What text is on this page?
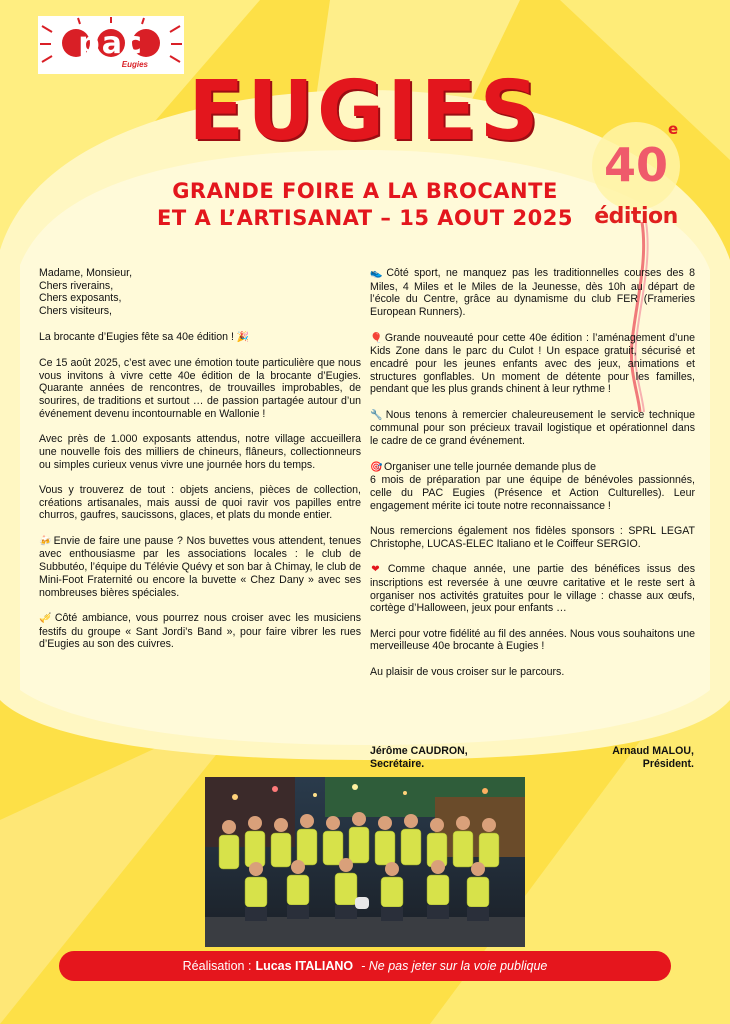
pac
Eugies EUGIES
GRANDE FOIRE A LA BROCANTE
ET A L’ARTISANAT – 15 AOUT 2025
40
e
édition

Madame, Monsieur,
Chers riverains,
Chers exposants,
Chers visiteurs,

La brocante d’Eugies fête sa 40e édition ! 🎉

Ce 15 août 2025, c’est avec une émotion toute particulière que nous vous invitons à vivre cette 40e édition de la brocante d’Eugies. Quarante années de rencontres, de trouvailles improbables, de sourires, de traditions et surtout … de passion partagée autour d’un événement devenu incontournable en Wallonie !

Avec près de 1.000 exposants attendus, notre village accueillera une nouvelle fois des milliers de chineurs, flâneurs, collectionneurs ou simples curieux venus vivre une journée hors du temps.

Vous y trouverez de tout : objets anciens, pièces de collection, créations artisanales, mais aussi de quoi ravir vos papilles entre churros, gaufres, saucissons, glaces, et plats du monde entier.

🍻 Envie de faire une pause ? Nos buvettes vous attendent, tenues avec enthousiasme par les associations locales : le club de Subbutéo, l’équipe du Télévie Quévy et son bar à Chimay, le club de Mini-Foot Fraternité ou encore la buvette « Chez Dany » avec ses nombreuses bières spéciales.

🎺 Côté ambiance, vous pourrez nous croiser avec les musiciens festifs du groupe « Sant Jordi’s Band », pour faire vibrer les rues d’Eugies au son des cuivres.

👟 Côté sport, ne manquez pas les traditionnelles courses des 8 Miles, 4 Miles et le Miles de la Jeunesse, dès 10h au départ de l’école du Centre, grâce au dynamisme du club FER (Frameries European Runners).

🎈 Grande nouveauté pour cette 40e édition : l’aménagement d’une Kids Zone dans le parc du Culot ! Un espace gratuit, sécurisé et encadré pour les jeunes enfants avec des jeux, animations et structures gonflables. Un moment de détente pour les familles, pendant que les plus grands chinent à leur rythme !

🔧 Nous tenons à remercier chaleureusement le service technique communal pour son précieux travail logistique et opérationnel dans le cadre de ce grand événement.

🎯 Organiser une telle journée demande plus de

6 mois de préparation par une équipe de bénévoles passionnés, celle du PAC Eugies (Présence et Action Culturelles). Leur engagement mérite ici toute notre reconnaissance !

Nous remercions également nos fidèles sponsors : SPRL LEGAT Christophe, LUCAS-ELEC Italiano et le Coiffeur SERGIO.

❤ Comme chaque année, une partie des bénéfices issus des inscriptions est reversée à une œuvre caritative et le reste sert à organiser nos activités gratuites pour le village : chasse aux œufs, cortège d’Halloween, jeux pour enfants …

Merci pour votre fidélité au fil des années. Nous vous souhaitons une merveilleuse 40e brocante à Eugies !

Au plaisir de vous croiser sur le parcours.

Jérôme CAUDRON,
Secrétaire.
Arnaud MALOU,
Président.
Réalisation : Lucas ITALIANO - Ne pas jeter sur la voie publique
